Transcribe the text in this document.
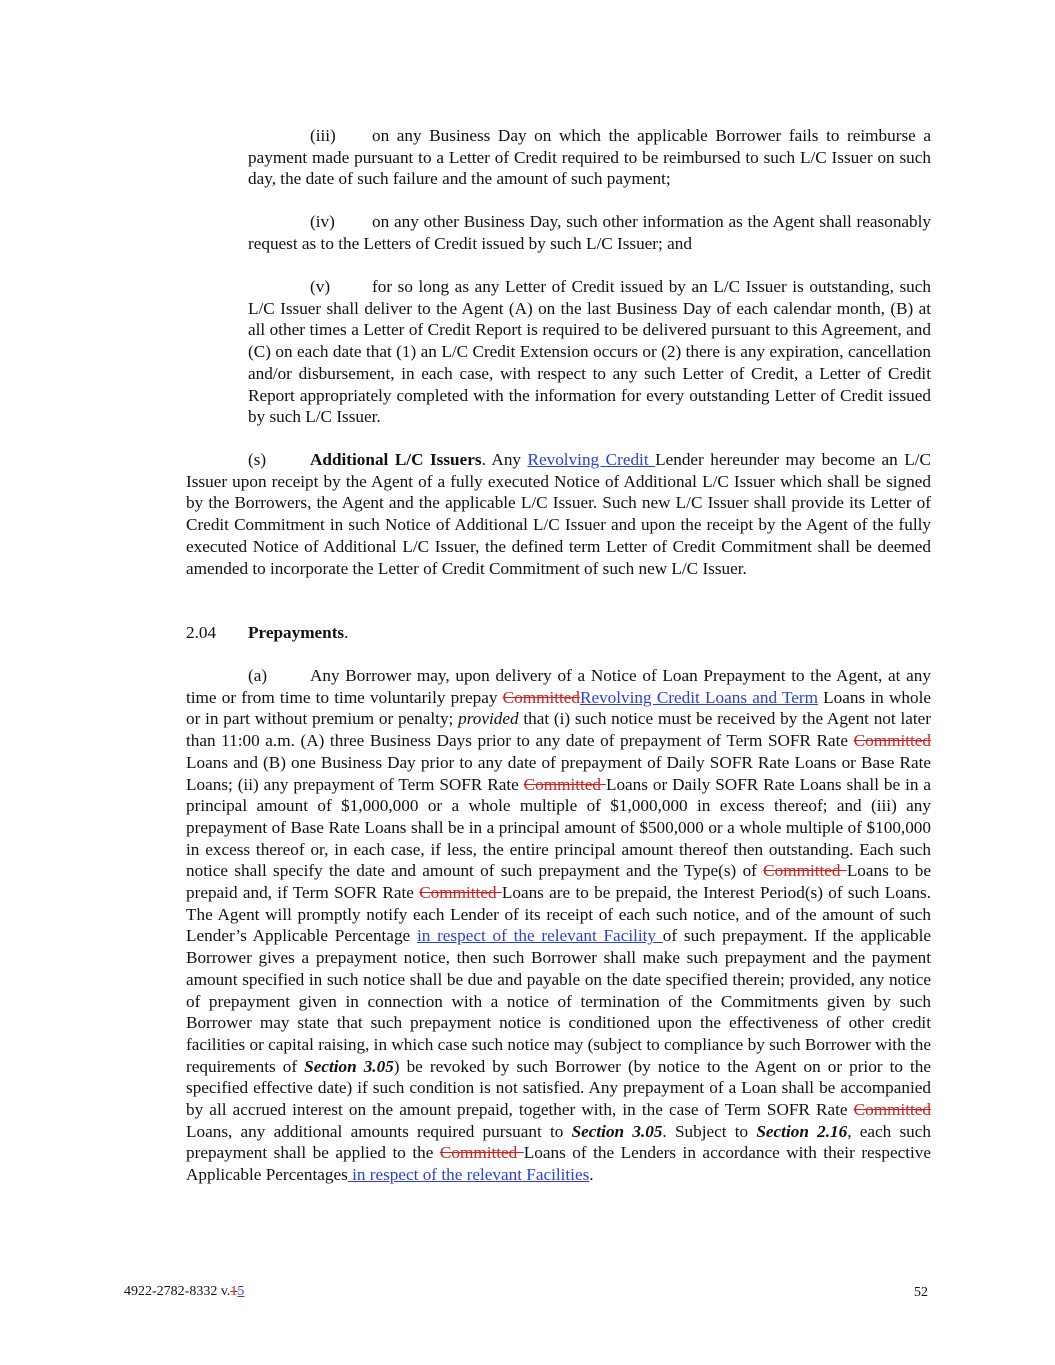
(iii) on any Business Day on which the applicable Borrower fails to reimburse a payment made pursuant to a Letter of Credit required to be reimbursed to such L/C Issuer on such day, the date of such failure and the amount of such payment;

(iv) on any other Business Day, such other information as the Agent shall reasonably request as to the Letters of Credit issued by such L/C Issuer; and

(v) for so long as any Letter of Credit issued by an L/C Issuer is outstanding, such L/C Issuer shall deliver to the Agent (A) on the last Business Day of each calendar month, (B) at all other times a Letter of Credit Report is required to be delivered pursuant to this Agreement, and (C) on each date that (1) an L/C Credit Extension occurs or (2) there is any expiration, cancellation and/or disbursement, in each case, with respect to any such Letter of Credit, a Letter of Credit Report appropriately completed with the information for every outstanding Letter of Credit issued by such L/C Issuer.

(s)	Additional L/C Issuers. Any Revolving Credit Lender hereunder may become an L/C Issuer upon receipt by the Agent of a fully executed Notice of Additional L/C Issuer which shall be signed by the Borrowers, the Agent and the applicable L/C Issuer. Such new L/C Issuer shall provide its Letter of Credit Commitment in such Notice of Additional L/C Issuer and upon the receipt by the Agent of the fully executed Notice of Additional L/C Issuer, the defined term Letter of Credit Commitment shall be deemed amended to incorporate the Letter of Credit Commitment of such new L/C Issuer.

2.04 Prepayments.

(a) Any Borrower may, upon delivery of a Notice of Loan Prepayment to the Agent, at any time or from time to time voluntarily prepay CommittedRevolving Credit Loans and Term Loans in whole or in part without premium or penalty; provided that (i) such notice must be received by the Agent not later than 11:00 a.m. (A) three Business Days prior to any date of prepayment of Term SOFR Rate Committed Loans and (B) one Business Day prior to any date of prepayment of Daily SOFR Rate Loans or Base Rate Loans; (ii) any prepayment of Term SOFR Rate Committed Loans or Daily SOFR Rate Loans shall be in a principal amount of $1,000,000 or a whole multiple of $1,000,000 in excess thereof; and (iii) any prepayment of Base Rate Loans shall be in a principal amount of $500,000 or a whole multiple of $100,000 in excess thereof or, in each case, if less, the entire principal amount thereof then outstanding. Each such notice shall specify the date and amount of such prepayment and the Type(s) of Committed Loans to be prepaid and, if Term SOFR Rate Committed Loans are to be prepaid, the Interest Period(s) of such Loans. The Agent will promptly notify each Lender of its receipt of each such notice, and of the amount of such Lender’s Applicable Percentage in respect of the relevant Facility of such prepayment. If the applicable Borrower gives a prepayment notice, then such Borrower shall make such prepayment and the payment amount specified in such notice shall be due and payable on the date specified therein; provided, any notice of prepayment given in connection with a notice of termination of the Commitments given by such Borrower may state that such prepayment notice is conditioned upon the effectiveness of other credit facilities or capital raising, in which case such notice may (subject to compliance by such Borrower with the requirements of Section 3.05) be revoked by such Borrower (by notice to the Agent on or prior to the specified effective date) if such condition is not satisfied. Any prepayment of a Loan shall be accompanied by all accrued interest on the amount prepaid, together with, in the case of Term SOFR Rate Committed Loans, any additional amounts required pursuant to Section 3.05. Subject to Section 2.16, each such prepayment shall be applied to the Committed Loans of the Lenders in accordance with their respective Applicable Percentages in respect of the relevant Facilities.

4922-2782-8332 v.15	52
